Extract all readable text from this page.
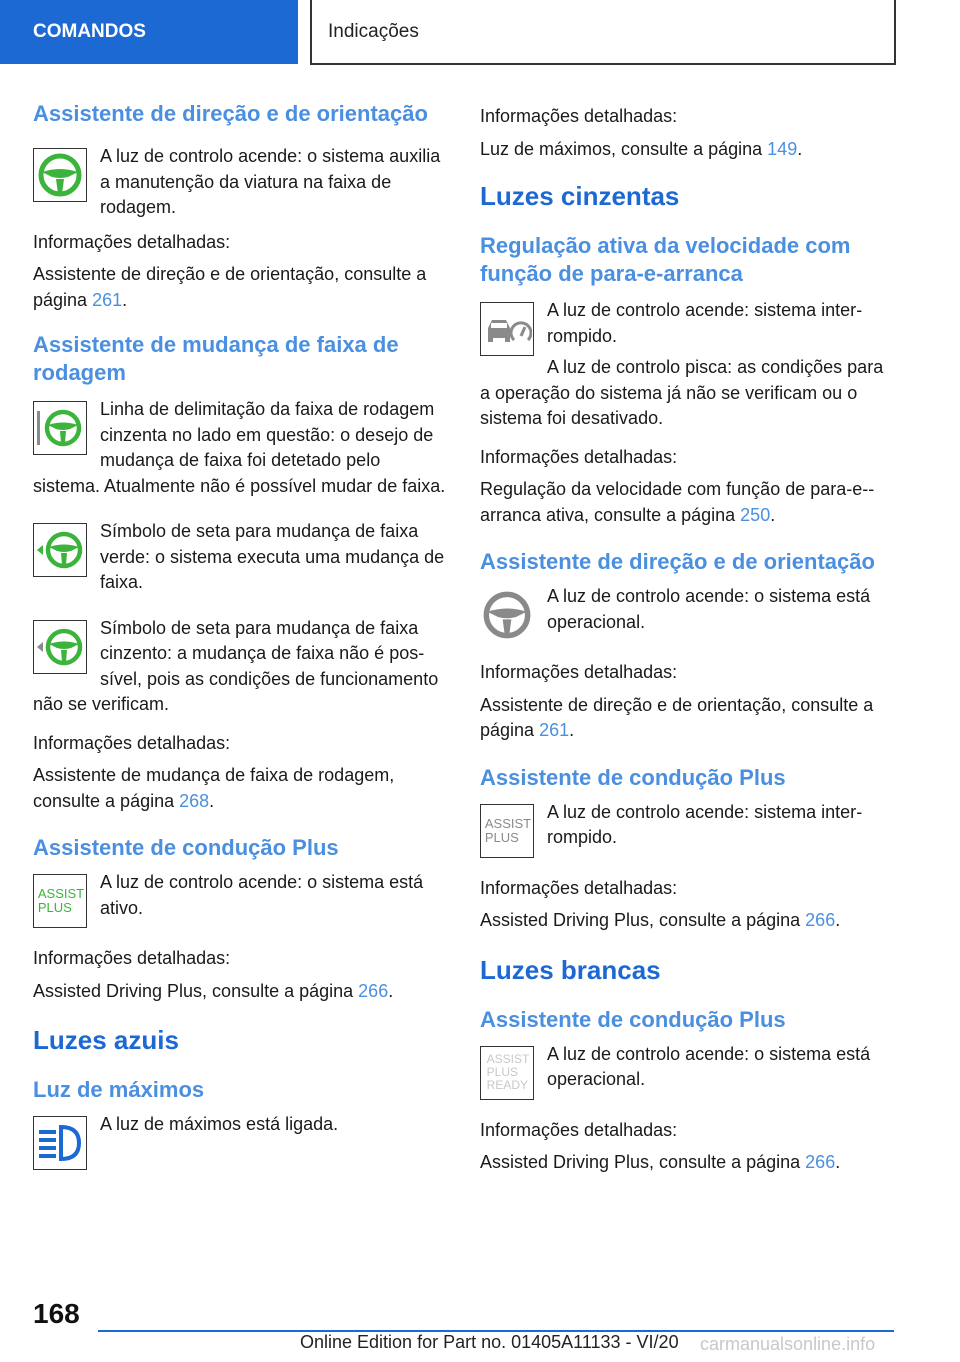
COMANDOS	Indicações
Assistente de direção e de orientação

A luz de controlo acende: o sistema auxilia a manutenção da viatura na faixa de rodagem.

Informações detalhadas:

Assistente de direção e de orientação, consulte a página 261.

Assistente de mudança de faixa de rodagem

Linha de delimitação da faixa de rodagem cinzenta no lado em questão: o desejo de mudança de faixa foi detetado pelo sistema. Atualmente não é possível mudar de faixa.

Símbolo de seta para mudança de faixa verde: o sistema executa uma mudança de faixa.

Símbolo de seta para mudança de faixa cinzento: a mudança de faixa não é possível, pois as condições de funcionamento não se verificam.

Informações detalhadas:

Assistente de mudança de faixa de rodagem, consulte a página 268.

Assistente de condução Plus
ASSIST
PLUS

A luz de controlo acende: o sistema está ativo.

Informações detalhadas:

Assisted Driving Plus, consulte a página 266.

Luzes azuis
Luz de máximos

A luz de máximos está ligada.

Informações detalhadas:

Luz de máximos, consulte a página 149.

Luzes cinzentas
Regulação ativa da velocidade com função de para-e-arranca

A luz de controlo acende: sistema interrompido.

A luz de controlo pisca: as condições para a operação do sistema já não se verificam ou o sistema foi desativado.

Informações detalhadas:

Regulação da velocidade com função de para-e--arranca ativa, consulte a página 250.

Assistente de direção e de orientação

A luz de controlo acende: o sistema está operacional.

Informações detalhadas:

Assistente de direção e de orientação, consulte a página 261.

Assistente de condução Plus
ASSIST
PLUS

A luz de controlo acende: sistema interrompido.

Informações detalhadas:

Assisted Driving Plus, consulte a página 266.

Luzes brancas
Assistente de condução Plus
ASSIST
PLUS
READY

A luz de controlo acende: o sistema está operacional.

Informações detalhadas:

Assisted Driving Plus, consulte a página 266.

168
Online Edition for Part no. 01405A11133 - VI/20	carmanualsonline.info
